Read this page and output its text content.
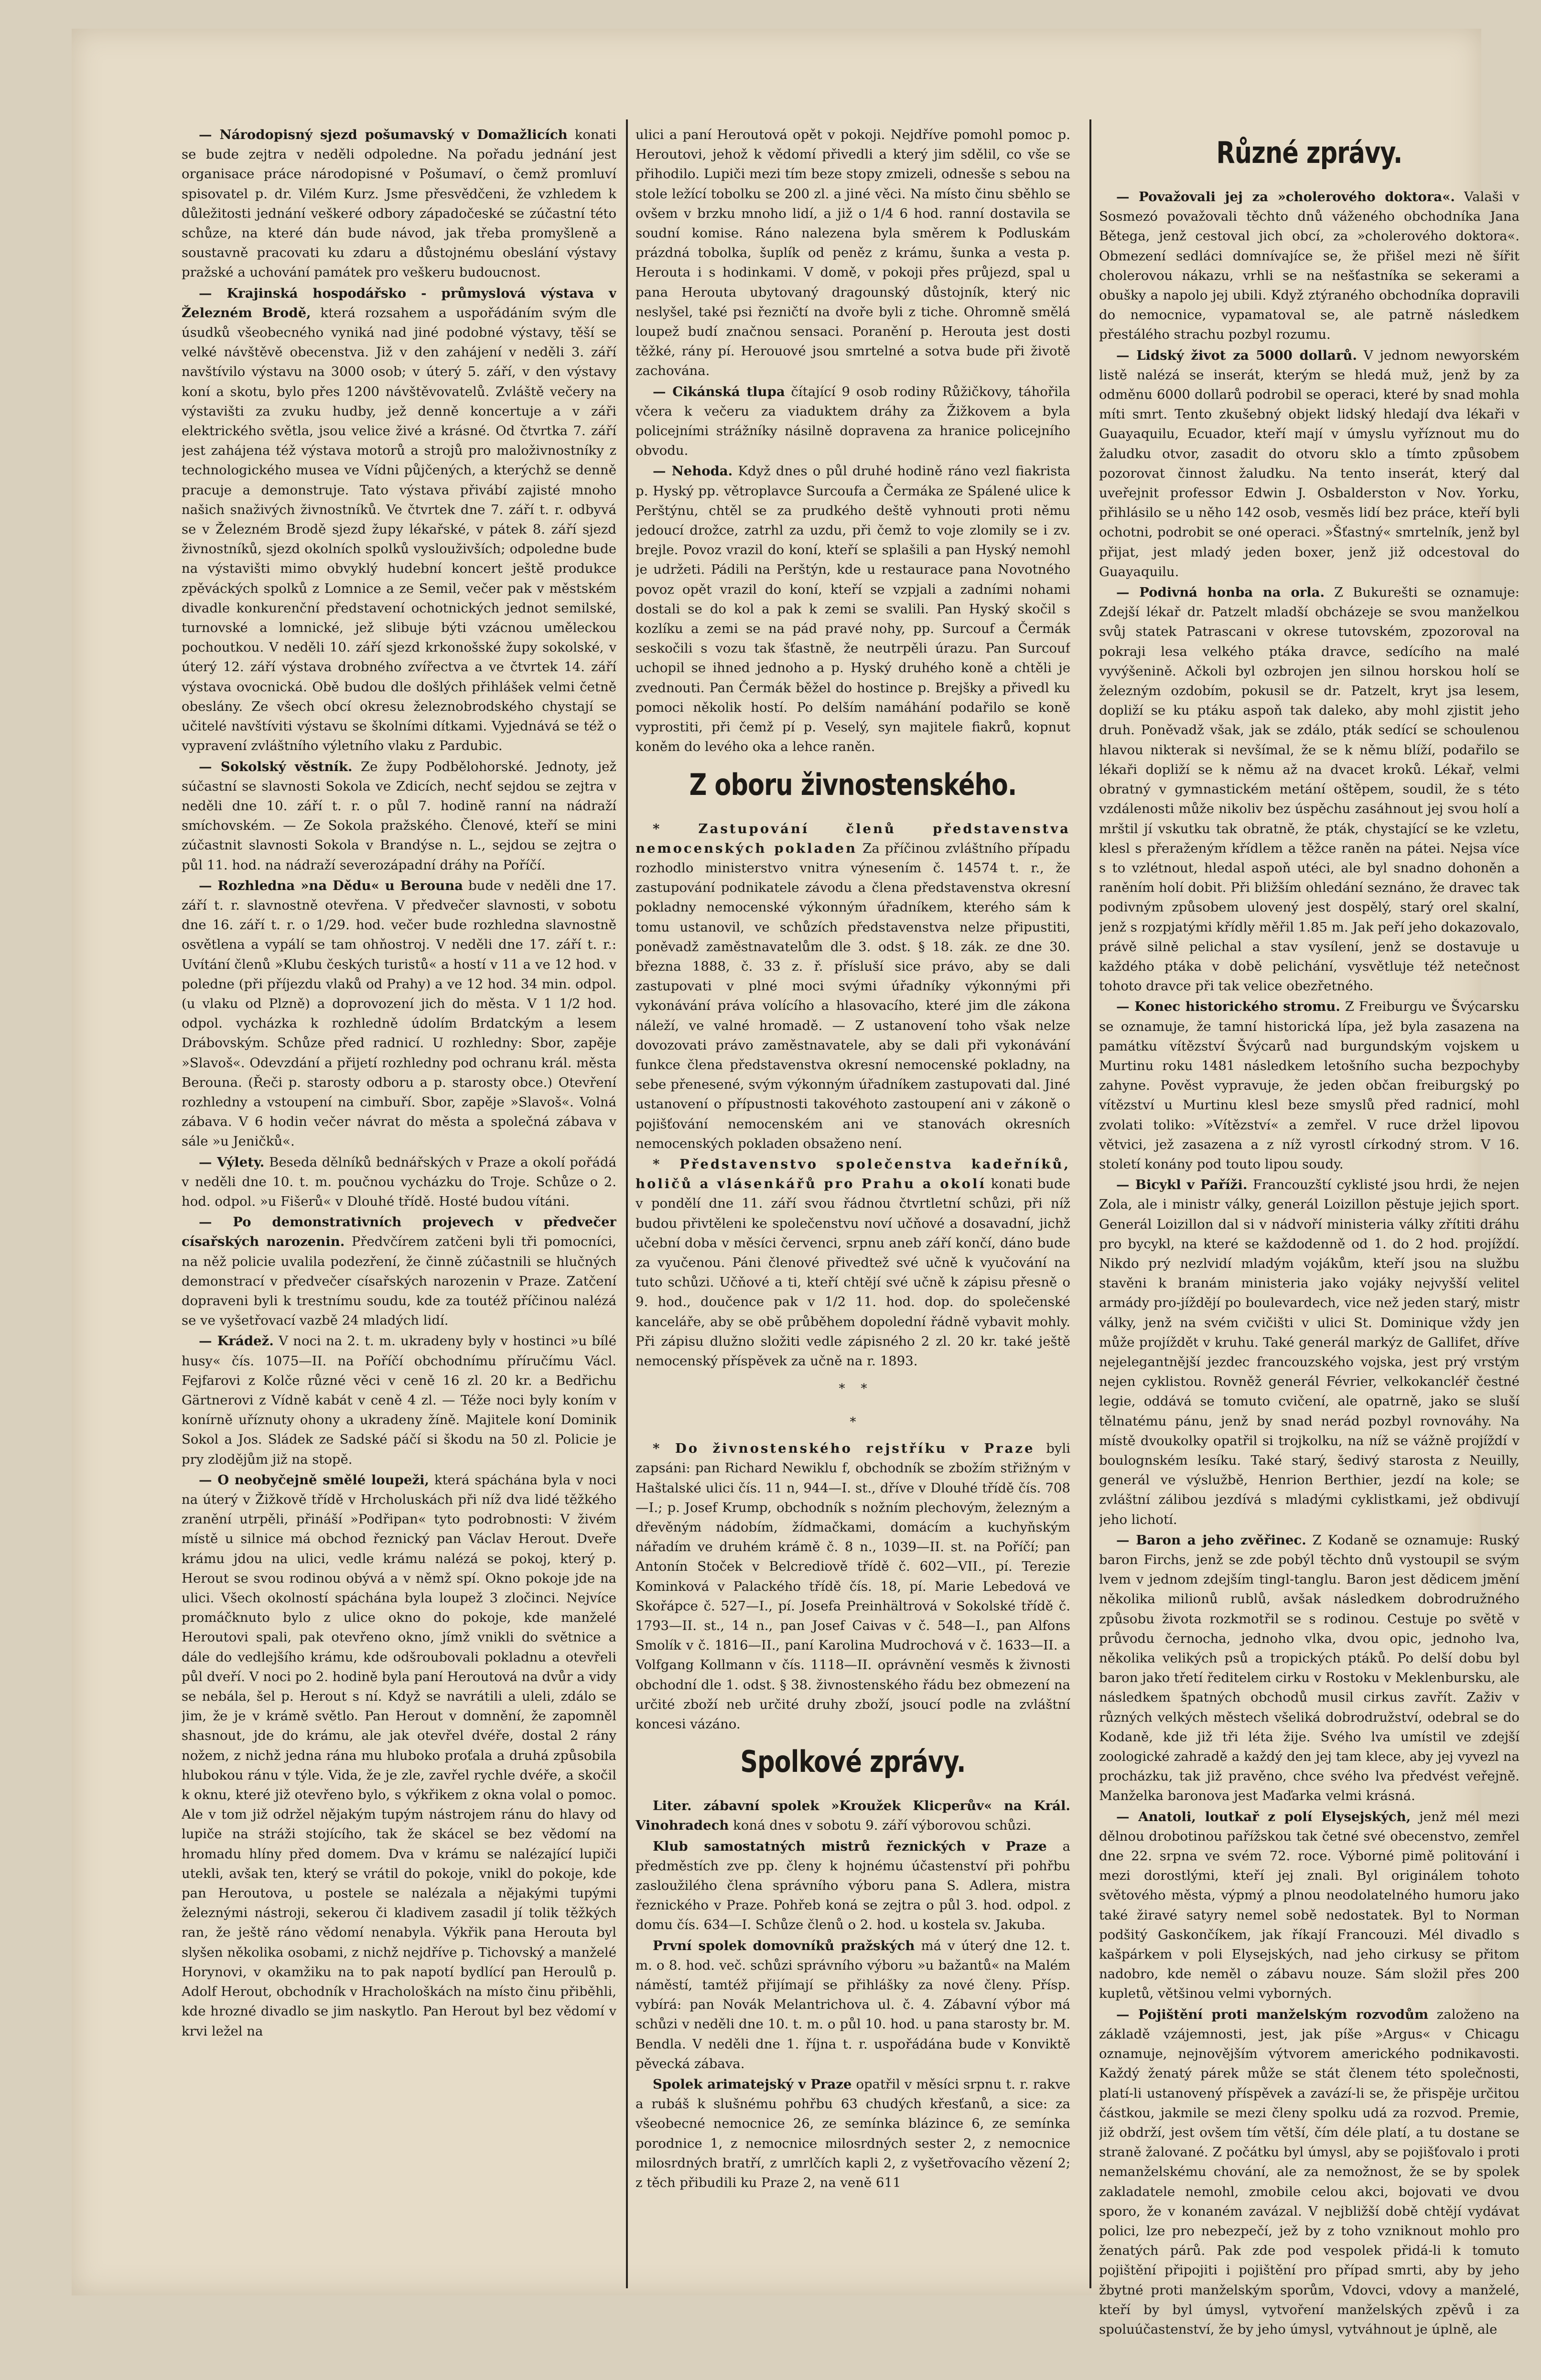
— Národopisný sjezd pošumavský v Domažlicích konati se bude zejtra v neděli odpoledne. Na pořadu jednání jest organisace práce národopisné v Pošumaví, o čemž promluví spisovatel p. dr. Vilém Kurz. Jsme přesvědčeni, že vzhledem k důležitosti jednání veškeré odbory západočeské se zúčastní této schůze, na které dán bude návod, jak třeba promyšleně a soustavně pracovati ku zdaru a důstojnému obeslání výstavy pražské a uchování památek pro veškeru budoucnost.

— Krajinská hospodářsko - průmyslová výstava v Železném Brodě, která rozsahem a uspořádáním svým dle úsudků všeobecného vyniká nad jiné podobné výstavy, těší se velké návštěvě obecenstva. Již v den zahájení v neděli 3. září navštívilo výstavu na 3000 osob; v úterý 5. září, v den výstavy koní a skotu, bylo přes 1200 návštěvovatelů. Zvláště večery na výstavišti za zvuku hudby, jež denně koncertuje a v záři elektrického světla, jsou velice živé a krásné. Od čtvrtka 7. září jest zahájena též výstava motorů a strojů pro maloživnostníky z technologického musea ve Vídni půjčených, a kterýchž se denně pracuje a demonstruje. Tato výstava přivábí zajisté mnoho našich snaživých živnostníků. Ve čtvrtek dne 7. září t. r. odbyvá se v Železném Brodě sjezd župy lékařské, v pátek 8. září sjezd živnostníků, sjezd okolních spolků vyslouživších; odpoledne bude na výstavišti mimo obvyklý hudební koncert ještě produkce zpěváckých spolků z Lomnice a ze Semil, večer pak v městském divadle konkurenční představení ochotnických jednot semilské, turnovské a lomnické, jež slibuje býti vzácnou uměleckou pochoutkou. V neděli 10. září sjezd krkonošské župy sokolské, v úterý 12. září výstava drobného zvířectva a ve čtvrtek 14. září výstava ovocnická. Obě budou dle došlých přihlášek velmi četně obeslány. Ze všech obcí okresu železnobrodského chystají se učitelé navštíviti výstavu se školními dítkami. Vyjednává se též o vypravení zvláštního výletního vlaku z Pardubic.

— Sokolský věstník. Ze župy Podbělohorské. Jednoty, jež súčastní se slavnosti Sokola ve Zdicích, nechť sejdou se zejtra v neděli dne 10. září t. r. o půl 7. hodině ranní na nádraží smíchovském. — Ze Sokola pražského. Členové, kteří se mini zúčastnit slavnosti Sokola v Brandýse n. L., sejdou se zejtra o půl 11. hod. na nádraží severozápadní dráhy na Poříčí.

— Rozhledna »na Dědu« u Berouna bude v neděli dne 17. září t. r. slavnostně otevřena. V předvečer slavnosti, v sobotu dne 16. září t. r. o 1/29. hod. večer bude rozhledna slavnostně osvětlena a vypálí se tam ohňostroj. V neděli dne 17. září t. r.: Uvítání členů »Klubu českých turistů« a hostí v 11 a ve 12 hod. v poledne (při příjezdu vlaků od Prahy) a ve 12 hod. 34 min. odpol. (u vlaku od Plzně) a doprovození jich do města. V 1 1/2 hod. odpol. vycházka k rozhledně údolím Brdatckým a lesem Drábovským. Schůze před radnicí. U rozhledny: Sbor, zapěje »Slavoš«. Odevzdání a přijetí rozhledny pod ochranu král. města Berouna. (Řeči p. starosty odboru a p. starosty obce.) Otevření rozhledny a vstoupení na cimbuří. Sbor, zapěje »Slavoš«. Volná zábava. V 6 hodin večer návrat do města a společná zábava v sále »u Jeničků«.

— Výlety. Beseda dělníků bednářských v Praze a okolí pořádá v neděli dne 10. t. m. poučnou vycházku do Troje. Schůze o 2. hod. odpol. »u Fišerů« v Dlouhé třídě. Hosté budou vítáni.

— Po demonstrativních projevech v předvečer císařských narozenin. Předvčírem zatčeni byli tři pomocníci, na něž policie uvalila podezření, že činně zúčastnili se hlučných demonstrací v předvečer císařských narozenin v Praze. Zatčení dopraveni byli k trestnímu soudu, kde za toutéž příčinou nalézá se ve vyšetřovací vazbě 24 mladých lidí.

— Krádež. V noci na 2. t. m. ukradeny byly v hostinci »u bílé husy« čís. 1075—II. na Poříčí obchodnímu příručímu Václ. Fejfarovi z Kolče různé věci v ceně 16 zl. 20 kr. a Bedřichu Gärtnerovi z Vídně kabát v ceně 4 zl. — Téže noci byly koním v konírně uříznuty ohony a ukradeny žíně. Majitele koní Dominik Sokol a Jos. Sládek ze Sadské páčí si škodu na 50 zl. Policie je pry zlodějům již na stopě.

— O neobyčejně smělé loupeži, která spáchána byla v noci na úterý v Žižkově třídě v Hrcholuskách při níž dva lidé těžkého zranění utrpěli, přináší »Podřipan« tyto podrobnosti: V živém místě u silnice má obchod řeznický pan Václav Herout. Dveře krámu jdou na ulici, vedle krámu nalézá se pokoj, který p. Herout se svou rodinou obývá a v němž spí. Okno pokoje jde na ulici. Všech okolností spáchána byla loupež 3 zločinci. Nejvíce promáčknuto bylo z ulice okno do pokoje, kde manželé Heroutovi spali, pak otevřeno okno, jímž vnikli do světnice a dále do vedlejšího krámu, kde odšroubovali pokladnu a otevřeli půl dveří. V noci po 2. hodině byla paní Heroutová na dvůr a vidy se nebála, šel p. Herout s ní. Když se navrátili a uleli, zdálo se jim, že je v krámě světlo. Pan Herout v domnění, že zapomněl shasnout, jde do krámu, ale jak otevřel dvéře, dostal 2 rány nožem, z nichž jedna rána mu hluboko proťala a druhá způsobila hlubokou ránu v týle. Vida, že je zle, zavřel rychle dvéře, a skočil k oknu, které již otevřeno bylo, s výkřikem z okna volal o pomoc. Ale v tom již održel nějakým tupým nástrojem ránu do hlavy od lupiče na stráži stojícího, tak že skácel se bez vědomí na hromadu hlíny před domem. Dva v krámu se nalézající lupiči utekli, avšak ten, který se vrátil do pokoje, vnikl do pokoje, kde pan Heroutova, u postele se nalézala a nějakými tupými železnými nástroji, sekerou či kladivem zasadil jí tolik těžkých ran, že ještě ráno vědomí nenabyla. Výkřik pana Herouta byl slyšen několika osobami, z nichž nejdříve p. Tichovský a manželé Horynovi, v okamžiku na to pak napotí bydlící pan Heroulů p. Adolf Herout, obchodník v Hrachološkách na místo činu přiběhli, kde hrozné divadlo se jim naskytlo. Pan Herout byl bez vědomí v krvi ležel na

ulici a paní Heroutová opět v pokoji. Nejdříve pomohl pomoc p. Heroutovi, jehož k vědomí přivedli a který jim sdělil, co vše se přihodilo. Lupiči mezi tím beze stopy zmizeli, odnesše s sebou na stole ležící tobolku se 200 zl. a jiné věci. Na místo činu sběhlo se ovšem v brzku mnoho lidí, a již o 1/4 6 hod. ranní dostavila se soudní komise. Ráno nalezena byla směrem k Podluskám prázdná tobolka, šuplík od peněz z krámu, šunka a vesta p. Herouta i s hodinkami. V domě, v pokoji přes průjezd, spal u pana Herouta ubytovaný dragounský důstojník, který nic neslyšel, také psi řezničtí na dvoře byli z tiche. Ohromně smělá loupež budí značnou sensaci. Poranění p. Herouta jest dosti těžké, rány pí. Herouové jsou smrtelné a sotva bude při životě zachována.

— Cikánská tlupa čítající 9 osob rodiny Růžičkovy, táhořila včera k večeru za viaduktem dráhy za Žižkovem a byla policejními strážníky násilně dopravena za hranice policejního obvodu.

— Nehoda. Když dnes o půl druhé hodině ráno vezl fiakrista p. Hyský pp. větroplavce Surcoufa a Čermáka ze Spálené ulice k Perštýnu, chtěl se za prudkého deště vyhnouti proti němu jedoucí drožce, zatrhl za uzdu, při čemž to voje zlomily se i zv. brejle. Povoz vrazil do koní, kteří se splašili a pan Hyský nemohl je udržeti. Pádili na Perštýn, kde u restaurace pana Novotného povoz opět vrazil do koní, kteří se vzpjali a zadními nohami dostali se do kol a pak k zemi se svalili. Pan Hyský skočil s kozlíku a zemi se na pád pravé nohy, pp. Surcouf a Čermák seskočili s vozu tak šťastně, že neutrpěli úrazu. Pan Surcouf uchopil se ihned jednoho a p. Hyský druhého koně a chtěli je zvednouti. Pan Čermák běžel do hostince p. Brejšky a přivedl ku pomoci několik hostí. Po delším namáhání podařilo se koně vyprostiti, při čemž pí p. Veselý, syn majitele fiakrů, kopnut koněm do levého oka a lehce raněn.

Z oboru živnostenského.

* Zastupování členů představenstva nemocenských pokladen Za příčinou zvláštního případu rozhodlo ministerstvo vnitra výnesením č. 14574 t. r., že zastupování podnikatele závodu a člena představenstva okresní pokladny nemocenské výkonným úřadníkem, kterého sám k tomu ustanovil, ve schůzích představenstva nelze připustiti, poněvadž zaměstnavatelům dle 3. odst. § 18. zák. ze dne 30. března 1888, č. 33 z. ř. přísluší sice právo, aby se dali zastupovati v plné moci svými úřadníky výkonnými při vykonávání práva volícího a hlasovacího, které jim dle zákona náleží, ve valné hromadě. — Z ustanovení toho však nelze dovozovati právo zaměstnavatele, aby se dali při vykonávání funkce člena představenstva okresní nemocenské pokladny, na sebe přenesené, svým výkonným úřadníkem zastupovati dal. Jiné ustanovení o přípustnosti takovéhoto zastoupení ani v zákoně o pojišťování nemocenském ani ve stanovách okresních nemocenských pokladen obsaženo není.

* Představenstvo společenstva kadeřníků, holičů a vlásenkářů pro Prahu a okolí konati bude v pondělí dne 11. září svou řádnou čtvrtletní schůzi, při níž budou přivtěleni ke společenstvu noví učňové a dosavadní, jichž učební doba v měsíci červenci, srpnu aneb září končí, dáno bude za vyučenou. Páni členové přivedtež své učně k vyučování na tuto schůzi. Učňové a ti, kteří chtějí své učně k zápisu přesně o 9. hod., doučence pak v 1/2 11. hod. dop. do společenské kanceláře, aby se obě průběhem dopolední řádně vybavit mohly. Při zápisu dlužno složiti vedle zápisného 2 zl. 20 kr. také ještě nemocenský příspěvek za učně na r. 1893.

*    *
*

* Do živnostenského rejstříku v Praze byli zapsáni: pan Richard Newiklu f, obchodník se zbožím střižným v Haštalské ulici čís. 11 n, 944—I. st., dříve v Dlouhé třídě čís. 708—I.; p. Josef Krump, obchodník s nožním plechovým, železným a dřevěným nádobím, žídmačkami, domácím a kuchyňským nářadím ve druhém krámě č. 8 n., 1039—II. st. na Poříčí; pan Antonín Stoček v Belcrediově třídě č. 602—VII., pí. Terezie Kominková v Palackého třídě čís. 18, pí. Marie Lebedová ve Skořápce č. 527—I., pí. Josefa Preinhältrová v Sokolské třídě č. 1793—II. st., 14 n., pan Josef Caivas v č. 548—I., pan Alfons Smolík v č. 1816—II., paní Karolina Mudrochová v č. 1633—II. a Volfgang Kollmann v čís. 1118—II. oprávnění vesměs k živnosti obchodní dle 1. odst. § 38. živnostenského řádu bez obmezení na určité zboží neb určité druhy zboží, jsoucí podle na zvláštní koncesi vázáno.

Spolkové zprávy.

Liter. zábavní spolek »Kroužek Klicperův« na Král. Vinohradech koná dnes v sobotu 9. září výborovou schůzi.

Klub samostatných mistrů řeznických v Praze a předměstích zve pp. členy k hojnému účastenství při pohřbu zasloužilého člena správního výboru pana S. Adlera, mistra řeznického v Praze. Pohřeb koná se zejtra o půl 3. hod. odpol. z domu čís. 634—I. Schůze členů o 2. hod. u kostela sv. Jakuba.

První spolek domovníků pražských má v úterý dne 12. t. m. o 8. hod. več. schůzi správního výboru »u bažantů« na Malém náměstí, tamtéž přijímají se přihlášky za nové členy. Přísp. vybírá: pan Novák Melantrichova ul. č. 4. Zábavní výbor má schůzi v neděli dne 10. t. m. o půl 10. hod. u pana starosty br. M. Bendla. V neděli dne 1. října t. r. uspořádána bude v Konviktě pěvecká zábava.

Spolek arimatejský v Praze opatřil v měsíci srpnu t. r. rakve a rubáš k slušnému pohřbu 63 chudých křesťanů, a sice: za všeobecné nemocnice 26, ze semínka blázince 6, ze semínka porodnice 1, z nemocnice milosrdných sester 2, z nemocnice milosrdných bratří, z umrlčích kapli 2, z vyšetřovacího vězení 2; z těch přibudili ku Praze 2, na veně 611

Různé zprávy.

— Považovali jej za »cholerového doktora«. Valaši v Sosmezó považovali těchto dnů váženého obchodníka Jana Bětega, jenž cestoval jich obcí, za »cholerového doktora«. Obmezení sedláci domnívajíce se, že přišel mezi ně šířit cholerovou nákazu, vrhli se na nešťastníka se sekerami a obušky a napolo jej ubili. Když ztýraného obchodníka dopravili do nemocnice, vypamatoval se, ale patrně následkem přestálého strachu pozbyl rozumu.

— Lidský život za 5000 dollarů. V jednom newyorském listě nalézá se inserát, kterým se hledá muž, jenž by za odměnu 6000 dollarů podrobil se operaci, které by snad mohla míti smrt. Tento zkušebný objekt lidský hledají dva lékaři v Guayaquilu, Ecuador, kteří mají v úmyslu vyříznout mu do žaludku otvor, zasadit do otvoru sklo a tímto způsobem pozorovat činnost žaludku. Na tento inserát, který dal uveřejnit professor Edwin J. Osbalderston v Nov. Yorku, přihlásilo se u něho 142 osob, vesměs lidí bez práce, kteří byli ochotni, podrobit se oné operaci. »Šťastný« smrtelník, jenž byl přijat, jest mladý jeden boxer, jenž již odcestoval do Guayaquilu.

— Podivná honba na orla. Z Bukurešti se oznamuje: Zdejší lékař dr. Patzelt mladší obcházeje se svou manželkou svůj statek Patrascani v okrese tutovském, zpozoroval na pokraji lesa velkého ptáka dravce, sedícího na malé vyvýšenině. Ačkoli byl ozbrojen jen silnou horskou holí se železným ozdobím, pokusil se dr. Patzelt, kryt jsa lesem, dopliží se ku ptáku aspoň tak daleko, aby mohl zjistit jeho druh. Poněvadž však, jak se zdálo, pták sedící se schoulenou hlavou nikterak si nevšímal, že se k němu blíží, podařilo se lékaři dopliží se k němu až na dvacet kroků. Lékař, velmi obratný v gymnastickém metání oštěpem, soudil, že s této vzdálenosti může nikoliv bez úspěchu zasáhnout jej svou holí a mrštil jí vskutku tak obratně, že pták, chystající se ke vzletu, klesl s přeraženým křídlem a těžce raněn na pátei. Nejsa více s to vzlétnout, hledal aspoň utéci, ale byl snadno dohoněn a raněním holí dobit. Při bližším ohledání seznáno, že dravec tak podivným způsobem ulovený jest dospělý, starý orel skalní, jenž s rozpjatými křídly měřil 1.85 m. Jak peří jeho dokazovalo, právě silně pelichal a stav vysílení, jenž se dostavuje u každého ptáka v době pelichání, vysvětluje též netečnost tohoto dravce při tak velice obezřetného.

— Konec historického stromu. Z Freiburgu ve Švýcarsku se oznamuje, že tamní historická lípa, jež byla zasazena na památku vítězství Švýcarů nad burgundským vojskem u Murtinu roku 1481 následkem letošního sucha bezpochyby zahyne. Pověst vypravuje, že jeden občan freiburgský po vítězství u Murtinu klesl beze smyslů před radnicí, mohl zvolati toliko: »Vítězství« a zemřel. V ruce držel lipovou větvici, jež zasazena a z níž vyrostl církodný strom. V 16. století konány pod touto lipou soudy.

— Bicykl v Paříži. Francouzští cyklisté jsou hrdi, že nejen Zola, ale i ministr války, generál Loizillon pěstuje jejich sport. Generál Loizillon dal si v nádvoří ministeria války zřítiti dráhu pro bycykl, na které se každodenně od 1. do 2 hod. projíždí. Nikdo prý nezlvidí mladým vojákům, kteří jsou na službu stavěni k branám ministeria jako vojáky nejvyšší velitel armády pro-jíždějí po boulevardech, vice než jeden starý, mistr války, jenž na svém cvičišti v ulici St. Dominique vždy jen může projíždět v kruhu. Také generál markýz de Gallifet, dříve nejelegantnější jezdec francouzského vojska, jest prý vrstým nejen cyklistou. Rovněž generál Février, velkokancléř čestné legie, oddává se tomuto cvičení, ale opatrně, jako se sluší tělnatému pánu, jenž by snad nerád pozbyl rovnováhy. Na místě dvoukolky opatřil si trojkolku, na níž se vážně projíždí v boulognském lesíku. Také starý, šedivý starosta z Neuilly, generál ve výslužbě, Henrion Berthier, jezdí na kole; se zvláštní zálibou jezdívá s mladými cyklistkami, jež obdivují jeho lichotí.

— Baron a jeho zvěřinec. Z Kodaně se oznamuje: Ruský baron Firchs, jenž se zde pobýl těchto dnů vystoupil se svým lvem v jednom zdejším tingl-tanglu. Baron jest dědicem jmění několika milionů rublů, avšak následkem dobrodružného způsobu života rozkmotřil se s rodinou. Cestuje po světě v průvodu černocha, jednoho vlka, dvou opic, jednoho lva, několika velikých psů a tropických ptáků. Po delší dobu byl baron jako třetí ředitelem cirku v Rostoku v Meklenbursku, ale následkem špatných obchodů musil cirkus zavřít. Zaživ v různých velkých městech všeliká dobrodružství, odebral se do Kodaně, kde již tři léta žije. Svého lva umístil ve zdejší zoologické zahradě a každý den jej tam klece, aby jej vyvezl na procházku, tak již pravěno, chce svého lva předvést veřejně. Manželka baronova jest Maďarka velmi krásná.

— Anatoli, loutkař z polí Elysejských, jenž mél mezi dělnou drobotinou pařížskou tak četné své obecenstvo, zemřel dne 22. srpna ve svém 72. roce. Výborné pimě politování i mezi dorostlými, kteří jej znali. Byl originálem tohoto světového města, výpmý a plnou neodolatelného humoru jako také žiravé satyry nemel sobě nedostatek. Byl to Norman podšitý Gaskončíkem, jak říkají Francouzi. Mél divadlo s kašpárkem v poli Elysejských, nad jeho cirkusy se přitom nadobro, kde neměl o zábavu nouze. Sám složil přes 200 kupletů, většinou velmi vyborných.

— Pojištění proti manželským rozvodům založeno na základě vzájemnosti, jest, jak píše »Argus« v Chicagu oznamuje, nejnovějším výtvorem amerického podnikavosti. Každý ženatý párek může se stát členem této společnosti, platí-li ustanovený příspěvek a zavází-li se, že přispěje určitou částkou, jakmile se mezi členy spolku udá za rozvod. Premie, již obdrží, jest ovšem tím větší, čím déle platí, a tu dostane se straně žalované. Z počátku byl úmysl, aby se pojišťovalo i proti nemanželskému chování, ale za nemožnost, že se by spolek zakladatele nemohl, zmobile celou akci, bojovati ve dvou sporo, že v konaném zavázal. V nejbližší době chtějí vydávat polici, lze pro nebezpečí, jež by z toho vzniknout mohlo pro ženatých párů. Pak zde pod vespolek přidá-li k tomuto pojištění připojiti i pojištění pro případ smrti, aby by jeho žbytné proti manželským sporům, Vdovci, vdovy a manželé, kteří by byl úmysl, vytvoření manželských zpěvů i za spoluúčastenství, že by jeho úmysl, vytváhnout je úplně, ale
